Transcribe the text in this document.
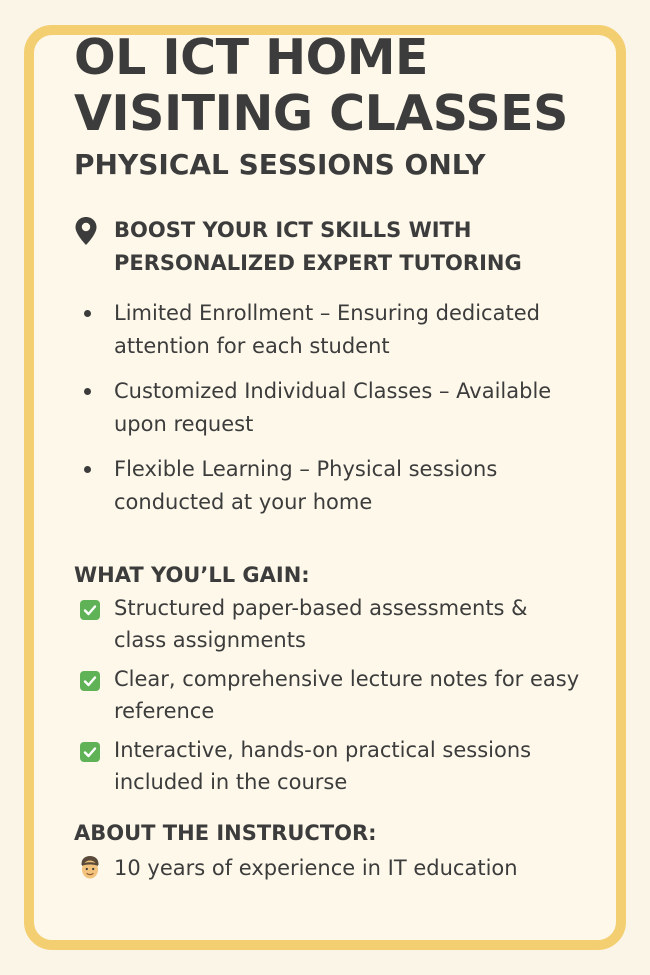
OL ICT HOME VISITING CLASSES
PHYSICAL SESSIONS ONLY
BOOST YOUR ICT SKILLS WITH PERSONALIZED EXPERT TUTORING
Limited Enrollment – Ensuring dedicated attention for each student
Customized Individual Classes – Available upon request
Flexible Learning – Physical sessions conducted at your home
WHAT YOU’LL GAIN:
Structured paper-based assessments & class assignments
Clear, comprehensive lecture notes for easy reference
Interactive, hands-on practical sessions included in the course
ABOUT THE INSTRUCTOR:
10 years of experience in IT education
